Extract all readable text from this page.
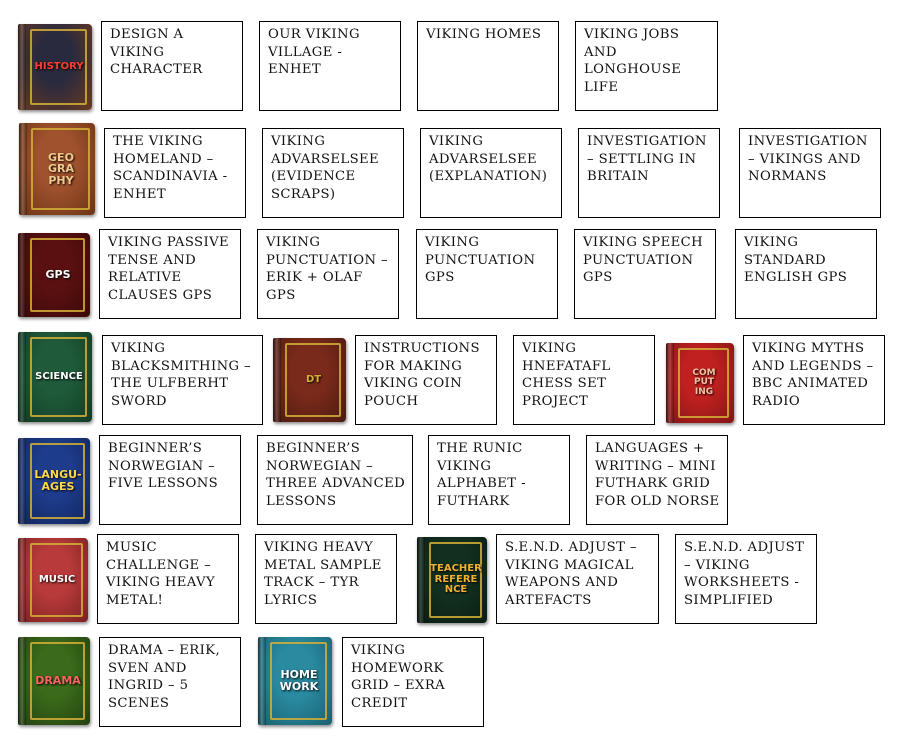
HISTORY
DESIGN A VIKING CHARACTER
OUR VIKING VILLAGE - ENHET
VIKING HOMES	VIKING JOBS AND LONGHOUSE LIFE
GEO
GRA
PHY
THE VIKING HOMELAND – SCANDINAVIA - ENHET
VIKING ADVARSELSEE (EVIDENCE SCRAPS)
VIKING ADVARSELSEE (EXPLANATION)
INVESTIGATION – SETTLING IN BRITAIN
INVESTIGATION – VIKINGS AND NORMANS
GPS
VIKING PASSIVE TENSE AND RELATIVE CLAUSES GPS
VIKING PUNCTUATION – ERIK + OLAF GPS
VIKING PUNCTUATION GPS
VIKING SPEECH PUNCTUATION GPS
VIKING STANDARD ENGLISH GPS
SCIENCE
VIKING BLACKSMITHING – THE ULFBERHT SWORD
DT
INSTRUCTIONS FOR MAKING VIKING COIN POUCH
VIKING HNEFATAFL CHESS SET PROJECT
COM
PUT
ING
VIKING MYTHS AND LEGENDS – BBC ANIMATED RADIO
LANGU-
AGES
BEGINNER’S NORWEGIAN – FIVE LESSONS
BEGINNER’S NORWEGIAN – THREE ADVANCED LESSONS
THE RUNIC VIKING ALPHABET - FUTHARK
LANGUAGES + WRITING – MINI FUTHARK GRID FOR OLD NORSE
MUSIC
MUSIC CHALLENGE – VIKING HEAVY METAL!
VIKING HEAVY METAL SAMPLE TRACK – TYR LYRICS
TEACHER
REFERE
NCE
S.E.N.D. ADJUST – VIKING MAGICAL WEAPONS AND ARTEFACTS
S.E.N.D. ADJUST – VIKING WORKSHEETS - SIMPLIFIED
DRAMA
DRAMA – ERIK, SVEN AND INGRID – 5 SCENES
HOME
WORK
VIKING HOMEWORK GRID – EXRA CREDIT
